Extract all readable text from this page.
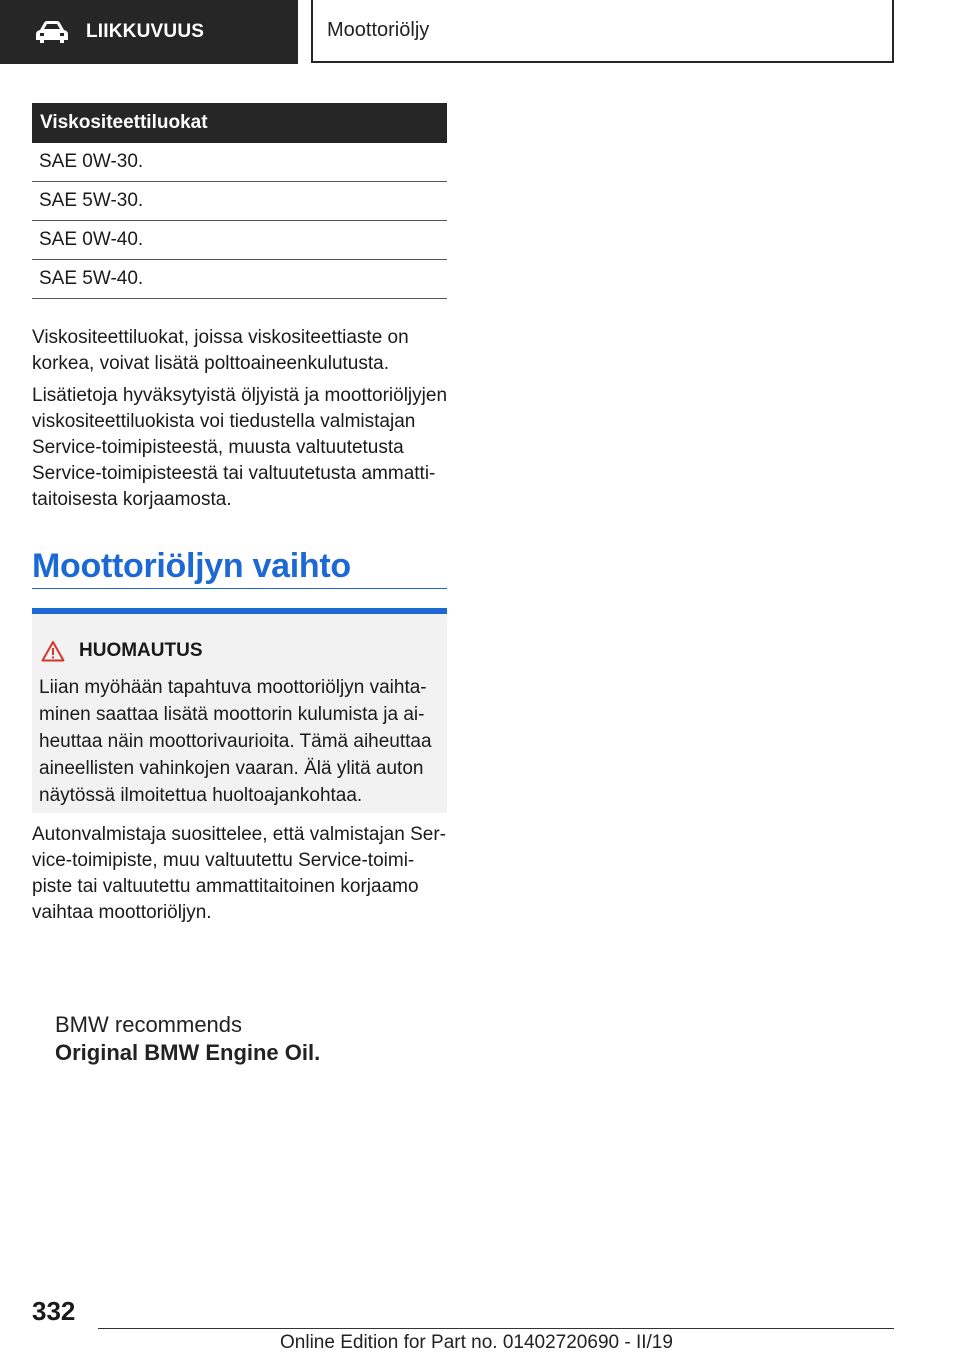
LIIKKUVUUS	Moottoriöljy
Viskositeettiluokat
SAE 0W-30.
SAE 5W-30.
SAE 0W-40.
SAE 5W-40.

Viskositeettiluokat, joissa viskositeettiaste on korkea, voivat lisätä polttoaineenkulutusta.

Lisätietoja hyväksytyistä öljyistä ja moottoriöljyjen viskositeettiluokista voi tiedustella valmistajan Service-toimipisteestä, muusta valtuutetusta Service-toimipisteestä tai valtuutetusta ammatti-taitoisesta korjaamosta.

Moottoriöljyn vaihto
HUOMAUTUS

Liian myöhään tapahtuva moottoriöljyn vaihta-minen saattaa lisätä moottorin kulumista ja ai-heuttaa näin moottorivaurioita. Tämä aiheuttaa aineellisten vahinkojen vaaran. Älä ylitä auton näytössä ilmoitettua huoltoajankohtaa.

Autonvalmistaja suosittelee, että valmistajan Ser-vice-toimipiste, muu valtuutettu Service-toimi-piste tai valtuutettu ammattitaitoinen korjaamo vaihtaa moottoriöljyn.

BMW recommends

Original BMW Engine Oil.

332

Online Edition for Part no. 01402720690 - II/19
